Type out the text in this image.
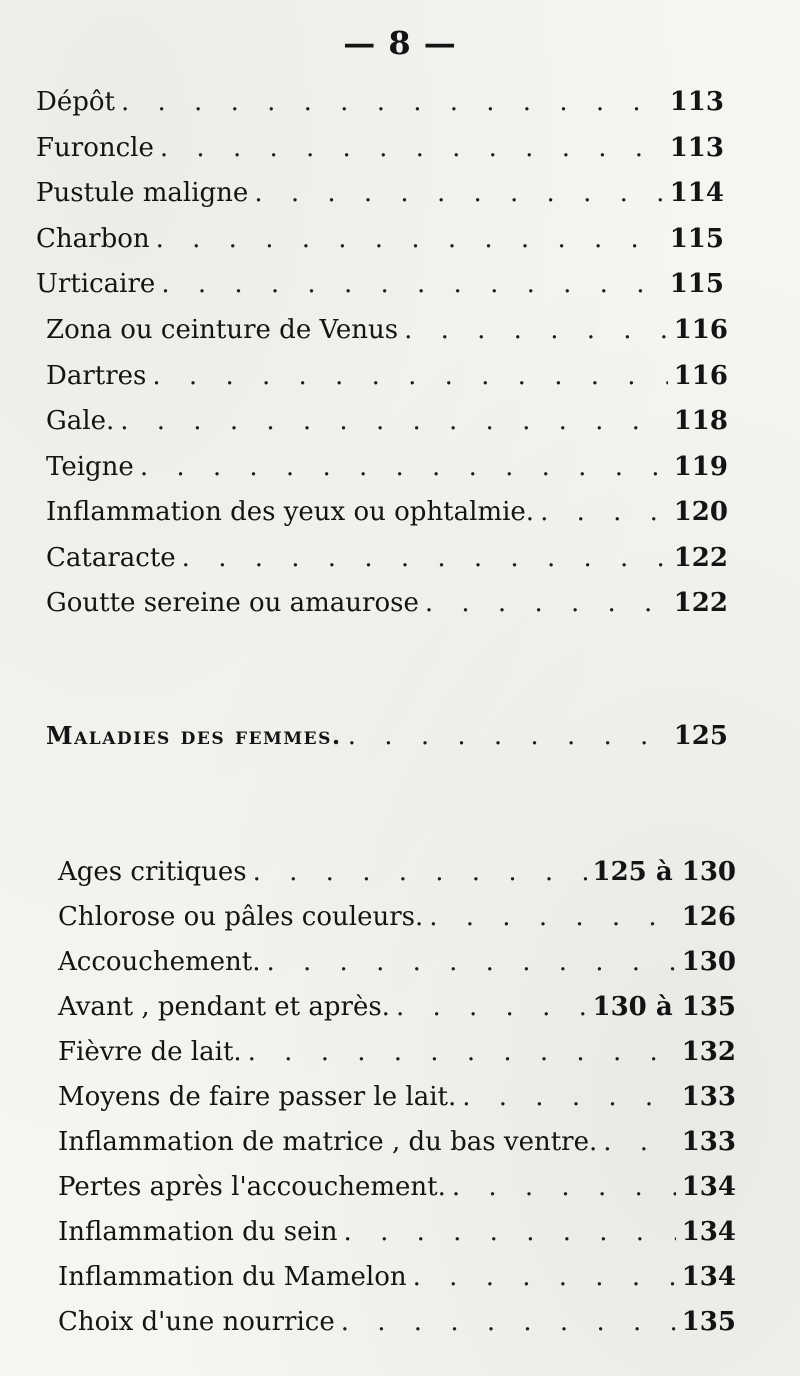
— 8 —
Dépôt . . .	113
Furoncle . . .	113
Pustule maligne . . .	114
Charbon . . .	115
Urticaire . . .	115
Zona ou ceinture de Venus . . .	116
Dartres . . .	116
Gale. . . .	118
Teigne . . .	119
Inflammation des yeux ou ophtalmie. . . .	120
Cataracte . . .	122
Goutte sereine ou amaurose . . .	122
Maladies des femmes. . . .	125
Ages critiques . . .	125 à 130
Chlorose ou pâles couleurs. . . .	126
Accouchement. . . .	130
Avant , pendant et après. . . .	130 à 135
Fièvre de lait. . . .	132
Moyens de faire passer le lait. . . .	133
Inflammation de matrice , du bas ventre. . . .	133
Pertes après l'accouchement. . . .	134
Inflammation du sein . . .	134
Inflammation du Mamelon . . .	134
Choix d'une nourrice . . .	135
